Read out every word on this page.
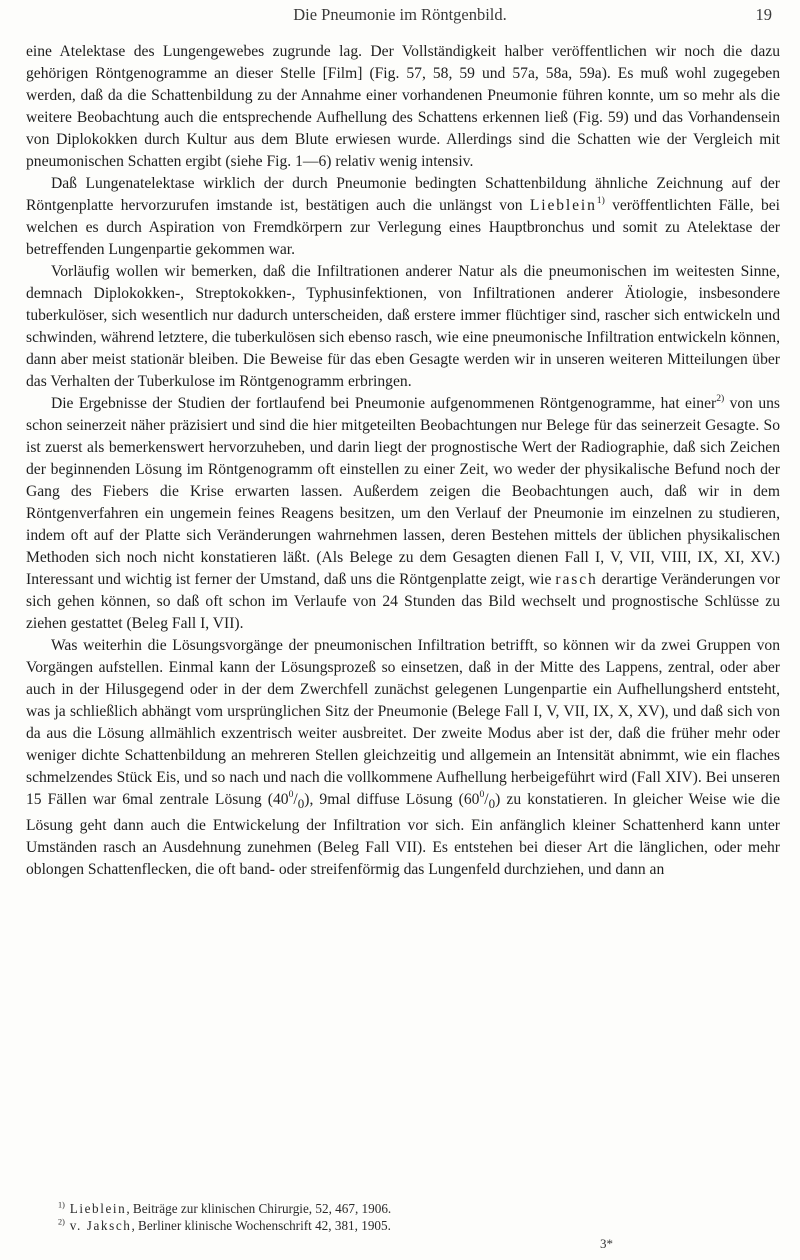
Die Pneumonie im Röntgenbild.	19

eine Atelektase des Lungengewebes zugrunde lag. Der Vollständigkeit halber veröffentlichen wir noch die dazu gehörigen Röntgenogramme an dieser Stelle [Film] (Fig. 57, 58, 59 und 57a, 58a, 59a). Es muß wohl zugegeben werden, daß da die Schattenbildung zu der Annahme einer vorhandenen Pneumonie führen konnte, um so mehr als die weitere Beobachtung auch die entsprechende Aufhellung des Schattens erkennen ließ (Fig. 59) und das Vorhandensein von Diplokokken durch Kultur aus dem Blute erwiesen wurde. Allerdings sind die Schatten wie der Vergleich mit pneumonischen Schatten ergibt (siehe Fig. 1—6) relativ wenig intensiv.

Daß Lungenatelektase wirklich der durch Pneumonie bedingten Schattenbildung ähnliche Zeichnung auf der Röntgenplatte hervorzurufen imstande ist, bestätigen auch die unlängst von Lieblein$^{1)}$ veröffentlichten Fälle, bei welchen es durch Aspiration von Fremdkörpern zur Verlegung eines Hauptbronchus und somit zu Atelektase der betreffenden Lungenpartie gekommen war.

Vorläufig wollen wir bemerken, daß die Infiltrationen anderer Natur als die pneumonischen im weitesten Sinne, demnach Diplokokken-, Streptokokken-, Typhusinfektionen, von Infiltrationen anderer Ätiologie, insbesondere tuberkulöser, sich wesentlich nur dadurch unterscheiden, daß erstere immer flüchtiger sind, rascher sich entwickeln und schwinden, während letztere, die tuberkulösen sich ebenso rasch, wie eine pneumonische Infiltration entwickeln können, dann aber meist stationär bleiben. Die Beweise für das eben Gesagte werden wir in unseren weiteren Mitteilungen über das Verhalten der Tuberkulose im Röntgenogramm erbringen.

Die Ergebnisse der Studien der fortlaufend bei Pneumonie aufgenommenen Röntgenogramme, hat einer$^{2)}$ von uns schon seinerzeit näher präzisiert und sind die hier mitgeteilten Beobachtungen nur Belege für das seinerzeit Gesagte. So ist zuerst als bemerkenswert hervorzuheben, und darin liegt der prognostische Wert der Radiographie, daß sich Zeichen der beginnenden Lösung im Röntgenogramm oft einstellen zu einer Zeit, wo weder der physikalische Befund noch der Gang des Fiebers die Krise erwarten lassen. Außerdem zeigen die Beobachtungen auch, daß wir in dem Röntgenverfahren ein ungemein feines Reagens besitzen, um den Verlauf der Pneumonie im einzelnen zu studieren, indem oft auf der Platte sich Veränderungen wahrnehmen lassen, deren Bestehen mittels der üblichen physikalischen Methoden sich noch nicht konstatieren läßt. (Als Belege zu dem Gesagten dienen Fall I, V, VII, VIII, IX, XI, XV.) Interessant und wichtig ist ferner der Umstand, daß uns die Röntgenplatte zeigt, wie rasch derartige Veränderungen vor sich gehen können, so daß oft schon im Verlaufe von 24 Stunden das Bild wechselt und prognostische Schlüsse zu ziehen gestattet (Beleg Fall I, VII).

Was weiterhin die Lösungsvorgänge der pneumonischen Infiltration betrifft, so können wir da zwei Gruppen von Vorgängen aufstellen. Einmal kann der Lösungsprozeß so einsetzen, daß in der Mitte des Lappens, zentral, oder aber auch in der Hilusgegend oder in der dem Zwerchfell zunächst gelegenen Lungenpartie ein Aufhellungsherd entsteht, was ja schließlich abhängt vom ursprünglichen Sitz der Pneumonie (Belege Fall I, V, VII, IX, X, XV), und daß sich von da aus die Lösung allmählich exzentrisch weiter ausbreitet. Der zweite Modus aber ist der, daß die früher mehr oder weniger dichte Schattenbildung an mehreren Stellen gleichzeitig und allgemein an Intensität abnimmt, wie ein flaches schmelzendes Stück Eis, und so nach und nach die vollkommene Aufhellung herbeigeführt wird (Fall XIV). Bei unseren 15 Fällen war 6mal zentrale Lösung $(40^0/_0)$, 9mal diffuse Lösung $(60^0/_0)$ zu konstatieren. In gleicher Weise wie die Lösung geht dann auch die Entwickelung der Infiltration vor sich. Ein anfänglich kleiner Schattenherd kann unter Umständen rasch an Ausdehnung zunehmen (Beleg Fall VII). Es entstehen bei dieser Art die länglichen, oder mehr oblongen Schattenflecken, die oft band- oder streifenförmig das Lungenfeld durchziehen, und dann an

$^{1)}$ Lieblein, Beiträge zur klinischen Chirurgie, 52, 467, 1906.
$^{2)}$ v. Jaksch, Berliner klinische Wochenschrift 42, 381, 1905.
3*
